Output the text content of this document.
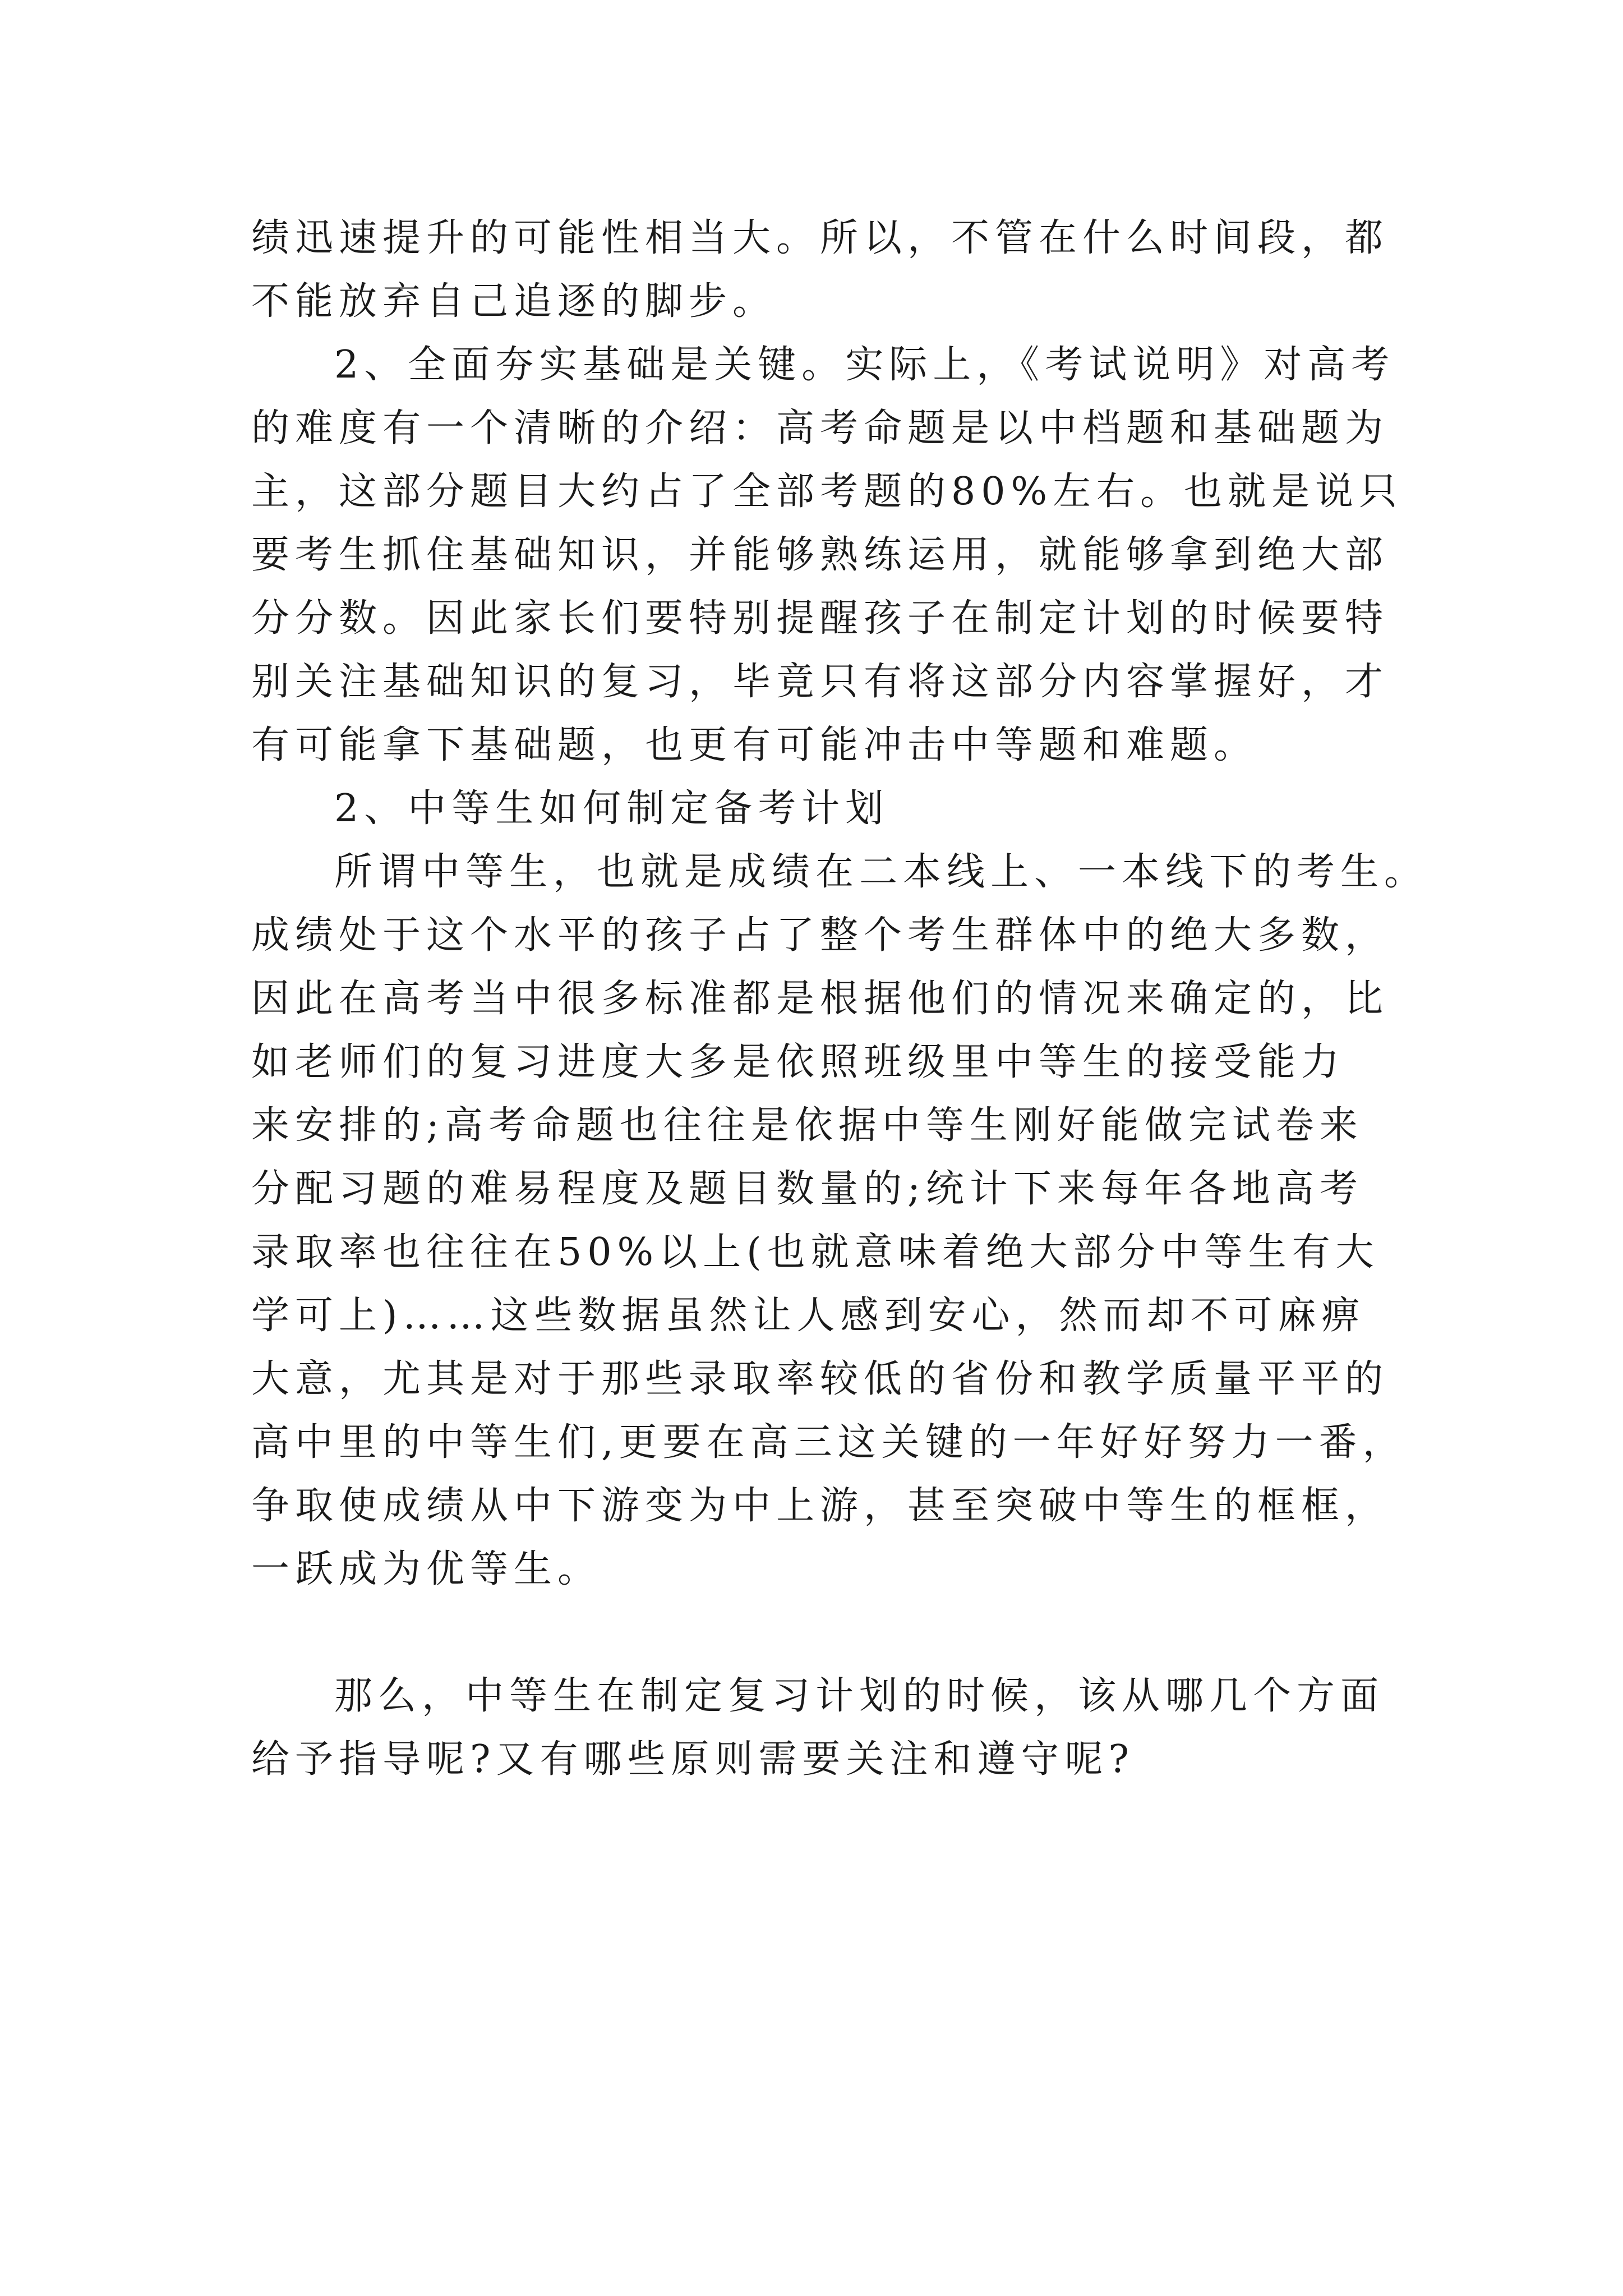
绩迅速提升的可能性相当大。所以，不管在什么时间段，都
不能放弃自己追逐的脚步。
2、全面夯实基础是关键。实际上，《考试说明》对高考
的难度有一个清晰的介绍：高考命题是以中档题和基础题为
主，这部分题目大约占了全部考题的80%左右。也就是说只
要考生抓住基础知识，并能够熟练运用，就能够拿到绝大部
分分数。因此家长们要特别提醒孩子在制定计划的时候要特
别关注基础知识的复习，毕竟只有将这部分内容掌握好，才
有可能拿下基础题，也更有可能冲击中等题和难题。
2、中等生如何制定备考计划
所谓中等生，也就是成绩在二本线上、一本线下的考生。
成绩处于这个水平的孩子占了整个考生群体中的绝大多数，
因此在高考当中很多标准都是根据他们的情况来确定的，比
如老师们的复习进度大多是依照班级里中等生的接受能力
来安排的;高考命题也往往是依据中等生刚好能做完试卷来
分配习题的难易程度及题目数量的;统计下来每年各地高考
录取率也往往在50%以上(也就意味着绝大部分中等生有大
学可上)……这些数据虽然让人感到安心，然而却不可麻痹
大意，尤其是对于那些录取率较低的省份和教学质量平平的
高中里的中等生们,更要在高三这关键的一年好好努力一番，
争取使成绩从中下游变为中上游，甚至突破中等生的框框，
一跃成为优等生。
那么，中等生在制定复习计划的时候，该从哪几个方面
给予指导呢?又有哪些原则需要关注和遵守呢?
